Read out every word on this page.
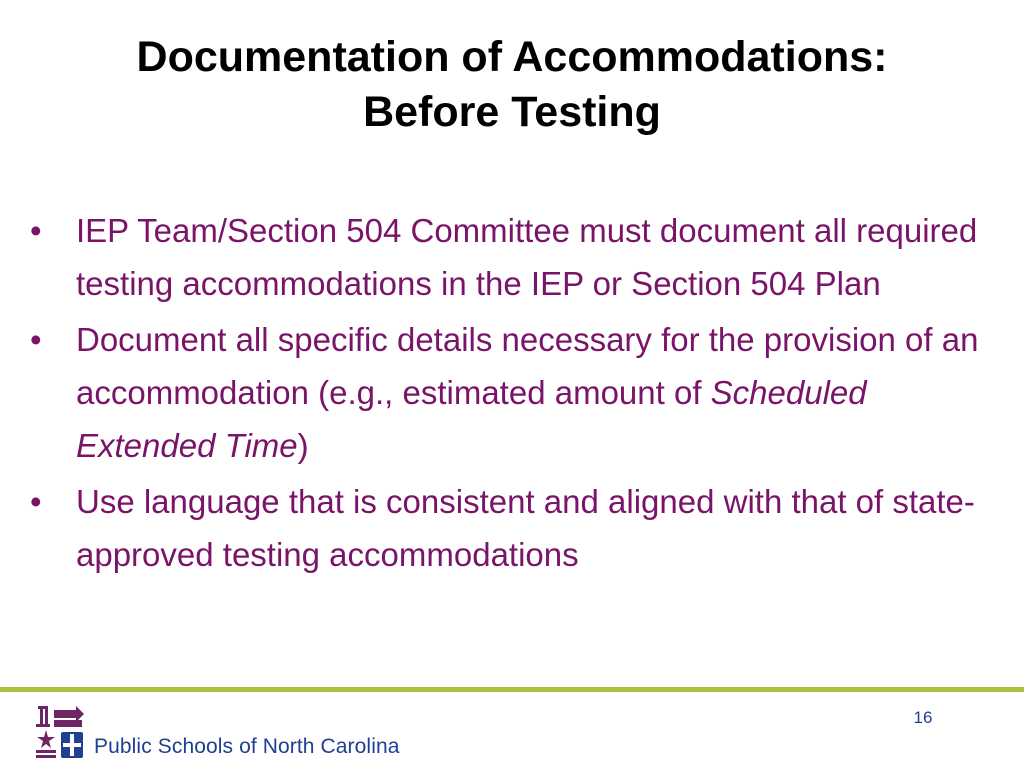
Documentation of Accommodations:
Before Testing
•	IEP Team/Section 504 Committee must document all required testing accommodations in the IEP or Section 504 Plan
•	Document all specific details necessary for the provision of an accommodation (e.g., estimated amount of Scheduled Extended Time)
•	Use language that is consistent and aligned with that of state-approved testing accommodations
16
Public Schools of North Carolina
